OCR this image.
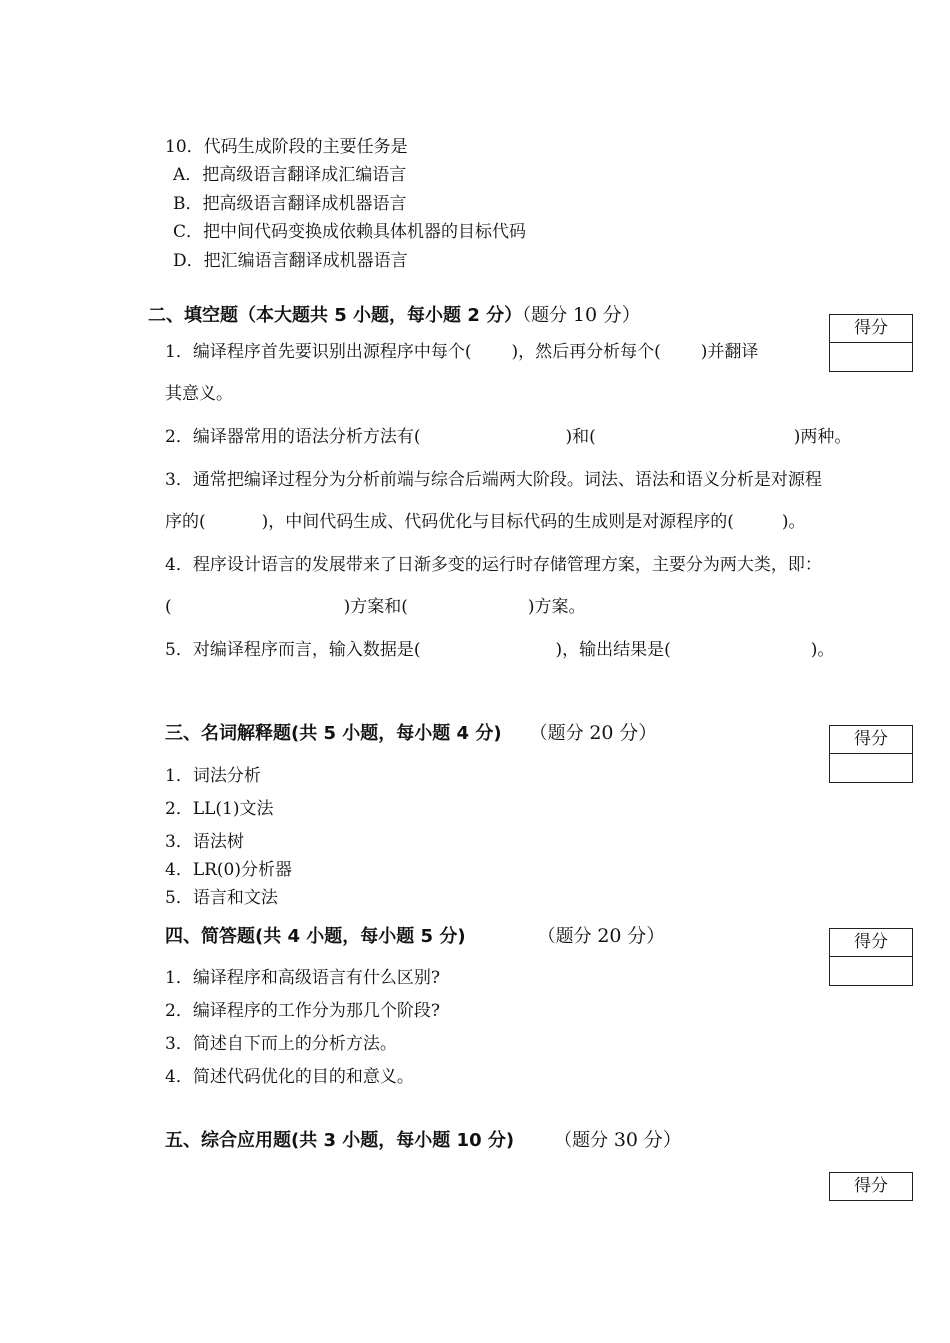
10．代码生成阶段的主要任务是
A．把高级语言翻译成汇编语言
B．把高级语言翻译成机器语言
C．把中间代码变换成依赖具体机器的目标代码
D．把汇编语言翻译成机器语言
二、填空题（本大题共 5 小题，每小题 2 分）（题分 10 分）
得分
1．编译程序首先要识别出源程序中每个( )，然后再分析每个( )并翻译
其意义。
2．编译器常用的语法分析方法有(	)和(	)两种。
3．通常把编译过程分为分析前端与综合后端两大阶段。词法、语法和语义分析是对源程
序的(	)，中间代码生成、代码优化与目标代码的生成则是对源程序的(	)。
4．程序设计语言的发展带来了日渐多变的运行时存储管理方案，主要分为两大类，即：
(	)方案和(	)方案。
5．对编译程序而言，输入数据是(	)，输出结果是(	)。
三、名词解释题(共 5 小题，每小题 4 分) （题分 20 分）	得分
1．词法分析
2．LL(1)文法
3．语法树
4．LR(0)分析器
5．语言和文法
四、简答题(共 4 小题，每小题 5 分)	（题分 20 分）	得分
1．编译程序和高级语言有什么区别?
2．编译程序的工作分为那几个阶段?
3．简述自下而上的分析方法。
4．简述代码优化的目的和意义。
五、综合应用题(共 3 小题，每小题 10 分) （题分 30 分）
得分
